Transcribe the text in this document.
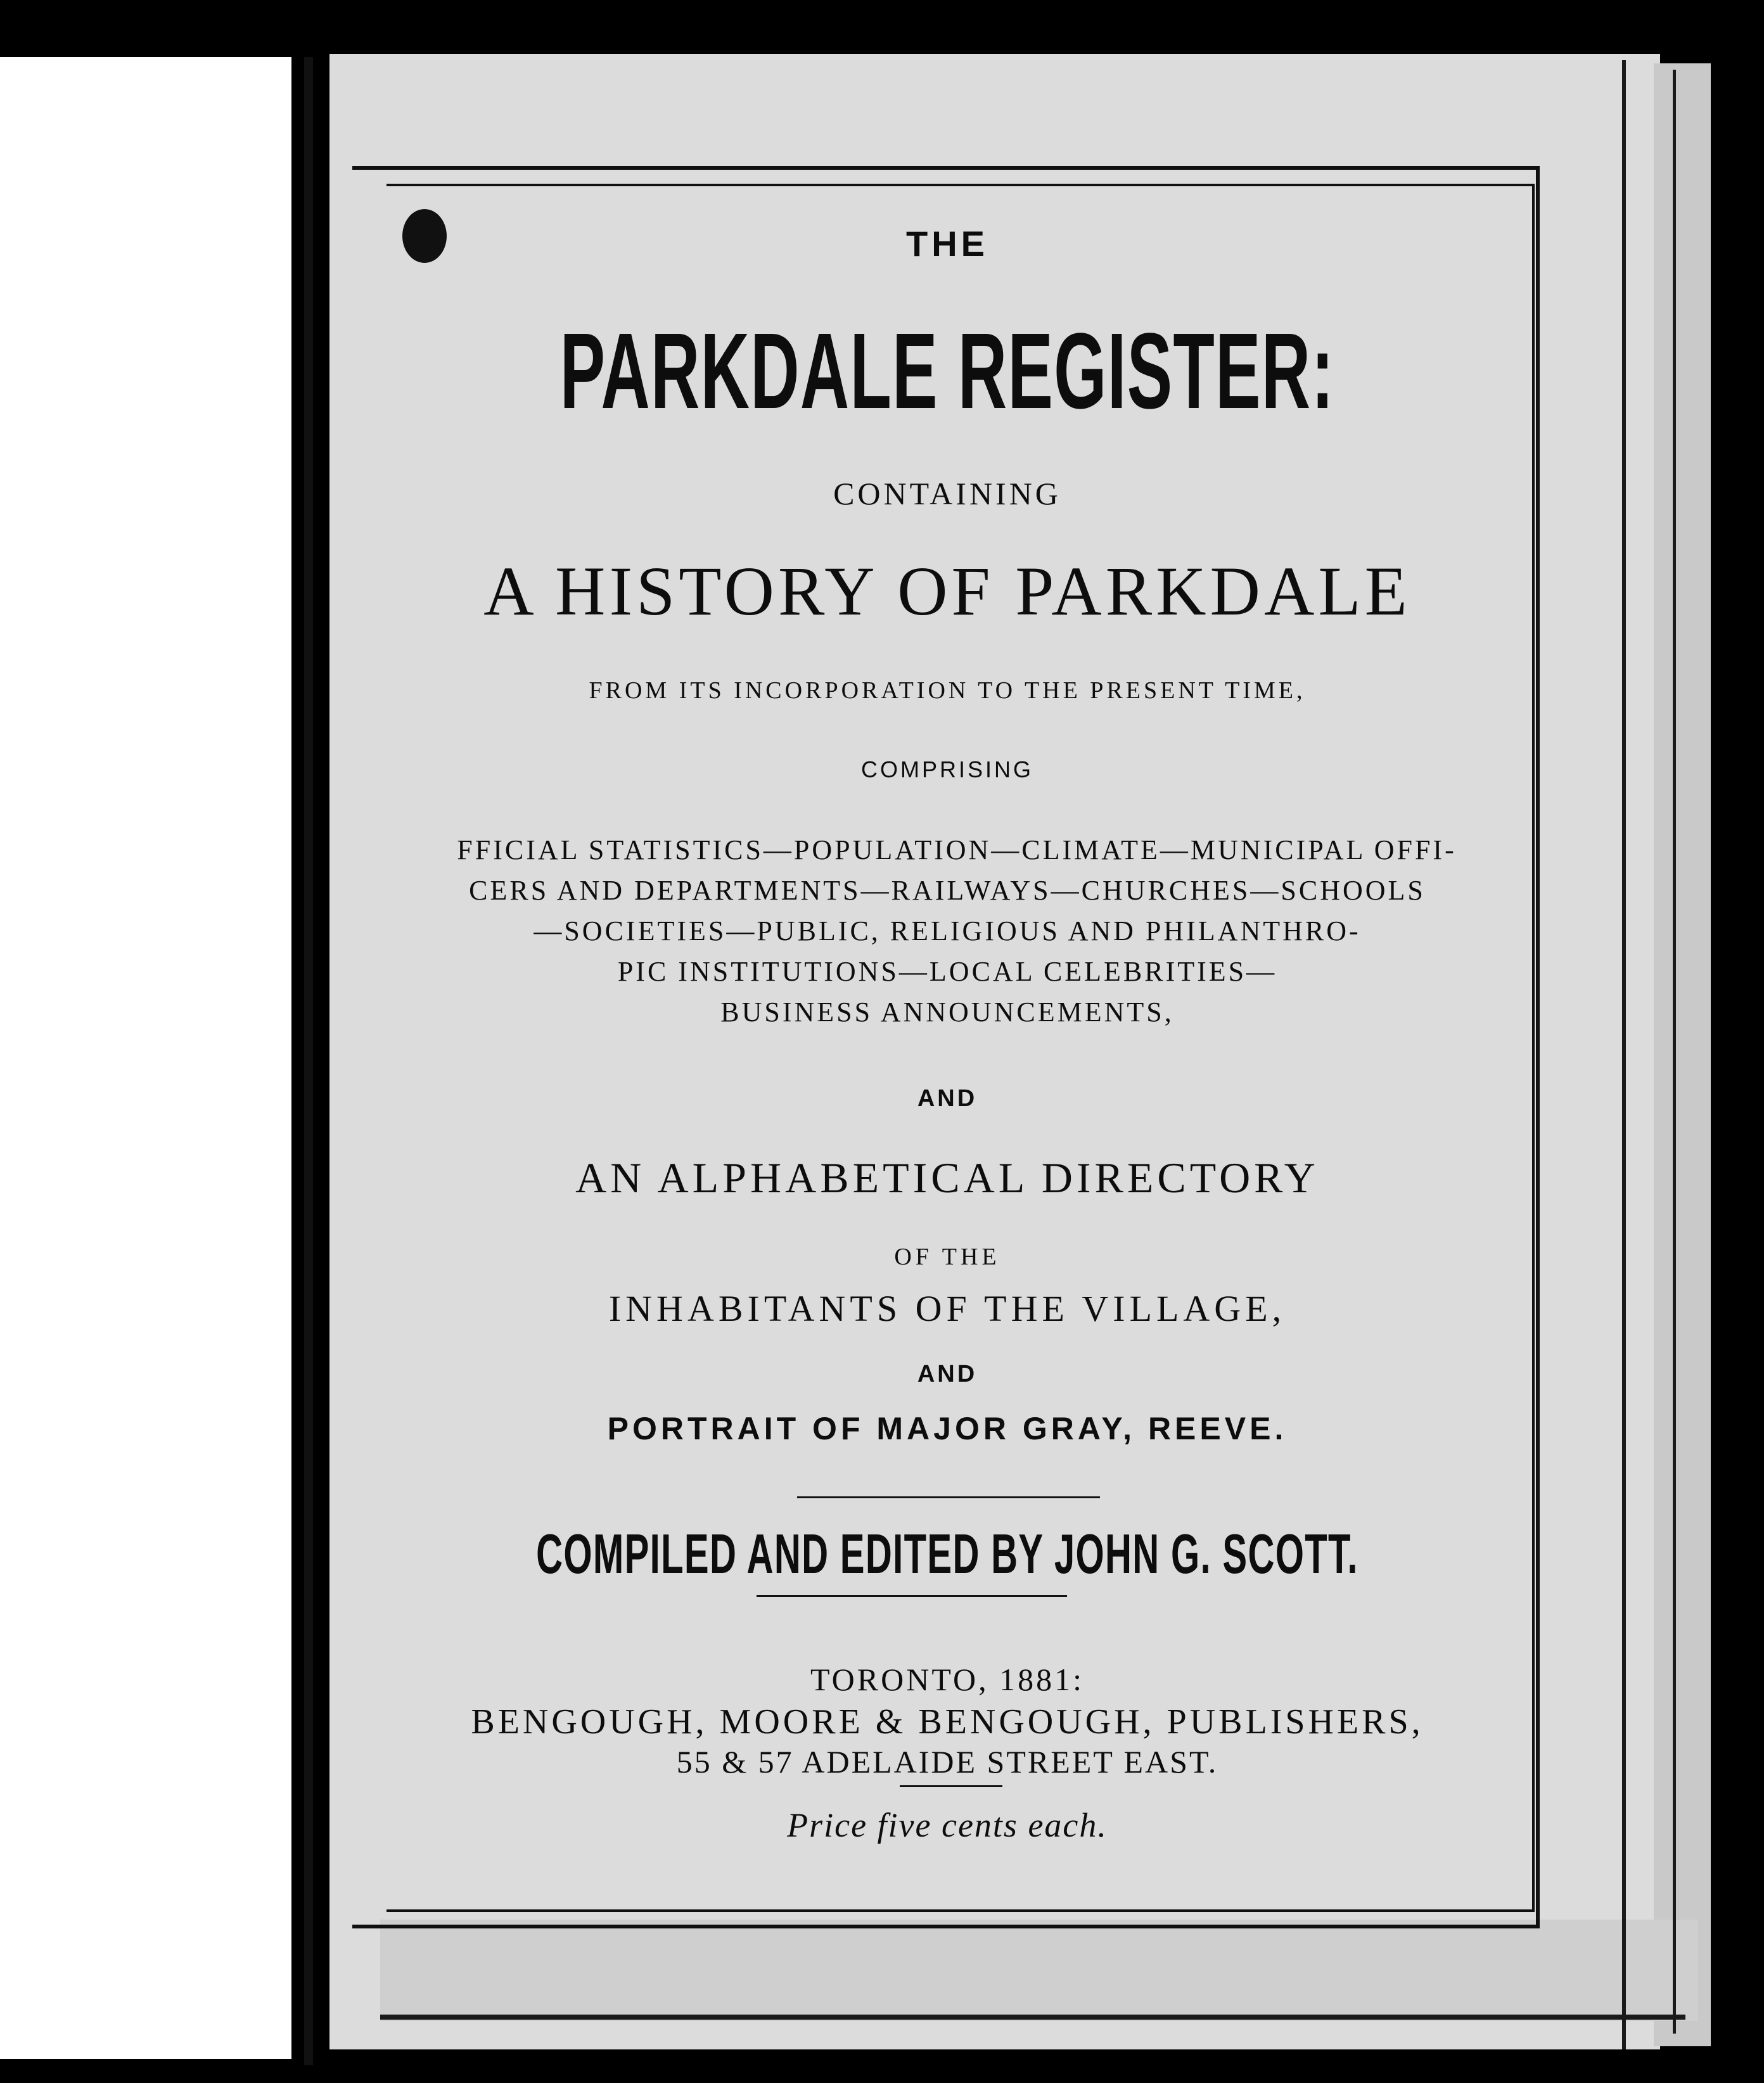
THE
PARKDALE REGISTER:
CONTAINING
A HISTORY OF PARKDALE
FROM ITS INCORPORATION TO THE PRESENT TIME,
COMPRISING
FFICIAL STATISTICS—POPULATION—CLIMATE—MUNICIPAL OFFI-
CERS AND DEPARTMENTS—RAILWAYS—CHURCHES—SCHOOLS
—SOCIETIES—PUBLIC, RELIGIOUS AND PHILANTHRO-
PIC INSTITUTIONS—LOCAL CELEBRITIES—
BUSINESS ANNOUNCEMENTS,
AND
AN ALPHABETICAL DIRECTORY
OF THE
INHABITANTS OF THE VILLAGE,
AND
PORTRAIT OF MAJOR GRAY, REEVE.
COMPILED AND EDITED BY JOHN G. SCOTT.
TORONTO, 1881:
BENGOUGH, MOORE & BENGOUGH, PUBLISHERS,
55 & 57 ADELAIDE STREET EAST.
Price five cents each.
